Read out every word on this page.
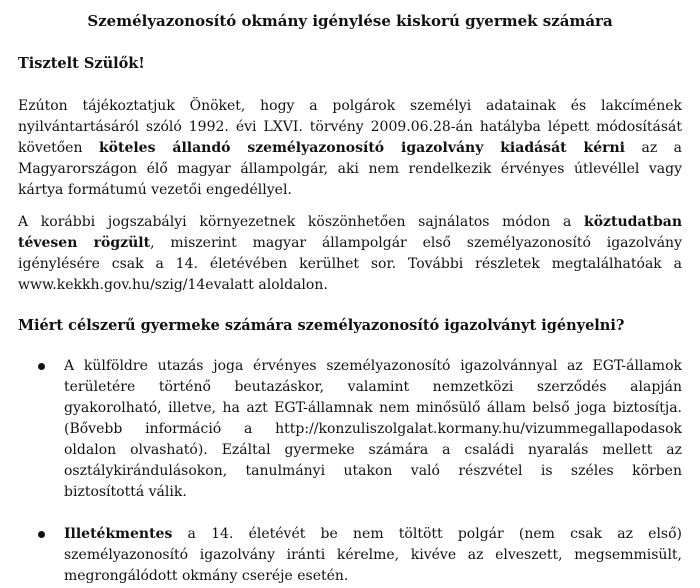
Személyazonosító okmány igénylése kiskorú gyermek számára
Tisztelt Szülők!
Ezúton tájékoztatjuk Önöket, hogy a polgárok személyi adatainak és lakcímének
nyilvántartásáról szóló 1992. évi LXVI. törvény 2009.06.28-án hatályba lépett módosítását
követően köteles állandó személyazonosító igazolvány kiadását kérni az a
Magyarországon élő magyar állampolgár, aki nem rendelkezik érvényes útlevéllel vagy
kártya formátumú vezetői engedéllyel.
A korábbi jogszabályi környezetnek köszönhetően sajnálatos módon a köztudatban
tévesen rögzült, miszerint magyar állampolgár első személyazonosító igazolvány
igénylésére csak a 14. életévében kerülhet sor. További részletek megtalálhatóak a
www.kekkh.gov.hu/szig/14evalatt aloldalon.
Miért célszerű gyermeke számára személyazonosító igazolványt igényelni?
A külföldre utazás joga érvényes személyazonosító igazolvánnyal az EGT-államok
területére történő beutazáskor, valamint nemzetközi szerződés alapján
gyakorolható, illetve, ha azt EGT-államnak nem minősülő állam belső joga biztosítja.
(Bővebb információ a http://konzuliszolgalat.kormany.hu/vizummegallapodasok
oldalon olvasható). Ezáltal gyermeke számára a családi nyaralás mellett az
osztálykirándulásokon, tanulmányi utakon való részvétel is széles körben
biztosítottá válik.
Illetékmentes a 14. életévét be nem töltött polgár (nem csak az első)
személyazonosító igazolvány iránti kérelme, kivéve az elveszett, megsemmisült,
megrongálódott okmány cseréje esetén.
